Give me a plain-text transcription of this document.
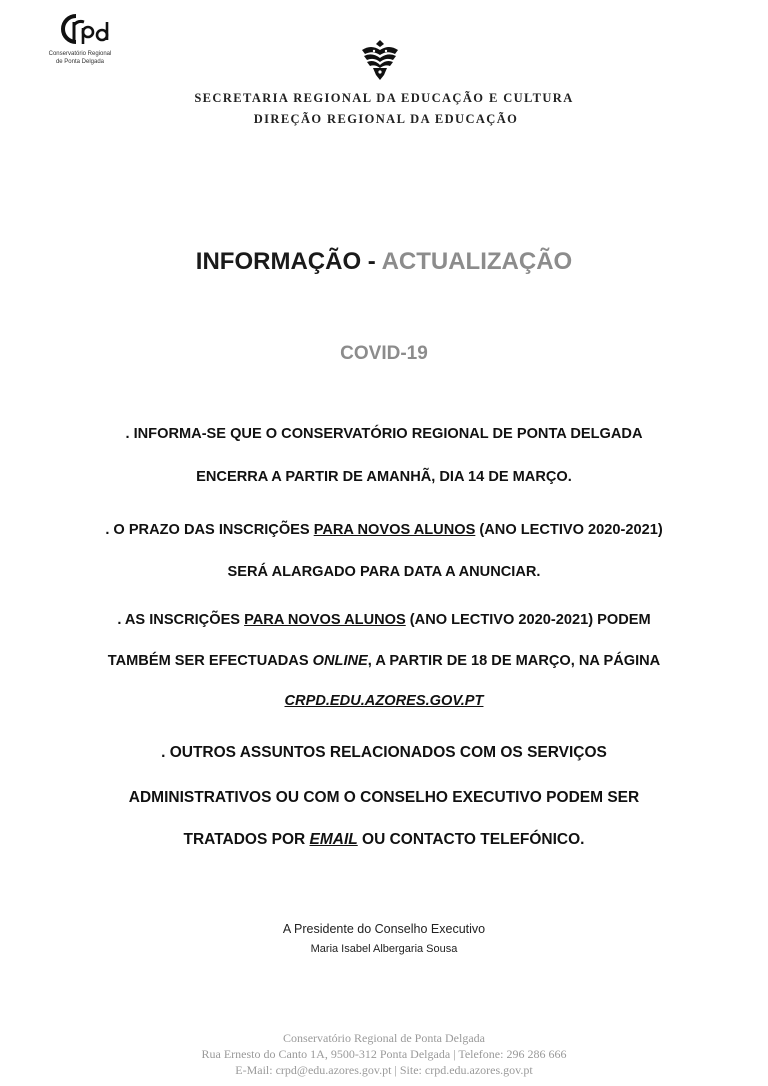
Conservatório Regional
de Ponta Delgada
SECRETARIA REGIONAL DA EDUCAÇÃO E CULTURA
DIREÇÃO REGIONAL DA EDUCAÇÃO
INFORMAÇÃO - ACTUALIZAÇÃO
COVID-19
. INFORMA-SE QUE O CONSERVATÓRIO REGIONAL DE PONTA DELGADA
ENCERRA A PARTIR DE AMANHÃ, DIA 14 DE MARÇO.
. O PRAZO DAS INSCRIÇÕES PARA NOVOS ALUNOS (ANO LECTIVO 2020-2021)
SERÁ ALARGADO PARA DATA A ANUNCIAR.
. AS INSCRIÇÕES PARA NOVOS ALUNOS (ANO LECTIVO 2020-2021) PODEM
TAMBÉM SER EFECTUADAS ONLINE, A PARTIR DE 18 DE MARÇO, NA PÁGINA
CRPD.EDU.AZORES.GOV.PT
. OUTROS ASSUNTOS RELACIONADOS COM OS SERVIÇOS
ADMINISTRATIVOS OU COM O CONSELHO EXECUTIVO PODEM SER
TRATADOS POR EMAIL OU CONTACTO TELEFÓNICO.
A Presidente do Conselho Executivo
Maria Isabel Albergaria Sousa
Conservatório Regional de Ponta Delgada
Rua Ernesto do Canto 1A, 9500-312 Ponta Delgada | Telefone: 296 286 666
E-Mail: crpd@edu.azores.gov.pt | Site: crpd.edu.azores.gov.pt
